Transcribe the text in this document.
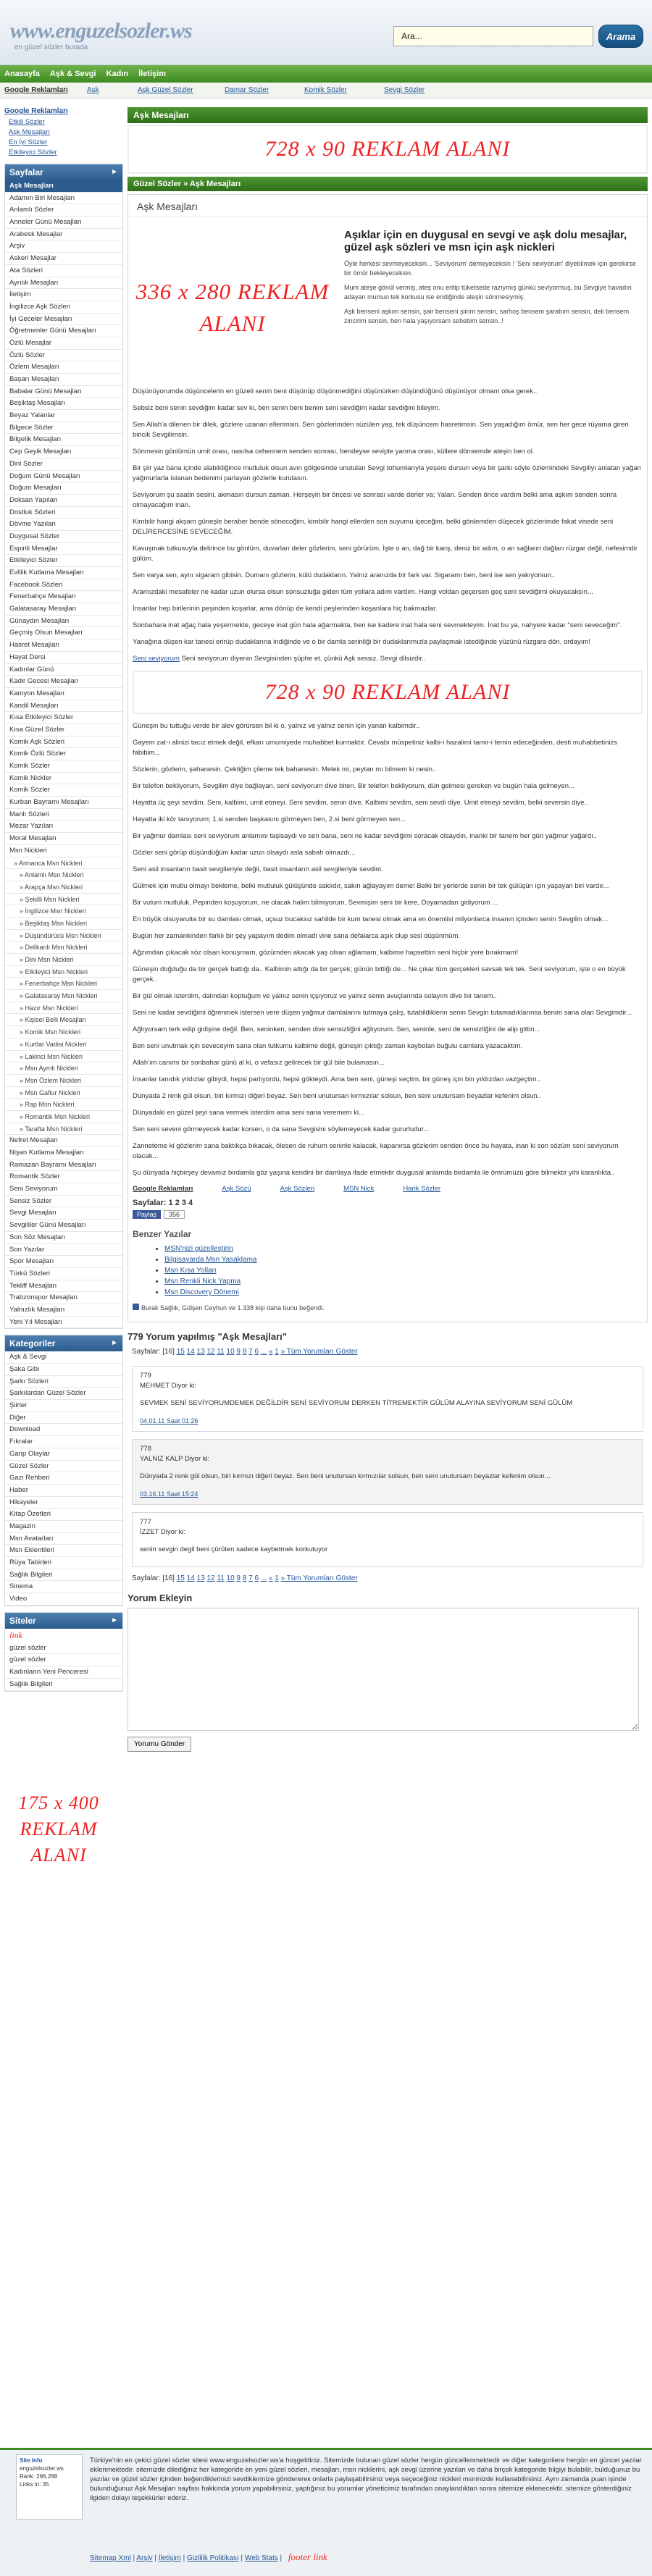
www.enguzelsozler.ws
en güzel sözler burada
Ara...
Arama
Anasayfa Aşk & Sevgi Kadın İletişim
Google Reklamları	Ask	Aşk Güzel Sözler	Damar Sözler	Komik Sözler	Sevgi Sözler
Google Reklamları
Etkili Sözler
Aşk Mesajları
En İyi Sözler
Etkileyici Sözler
Sayfalar	►
Aşk Mesajları
Adamın Biri Mesajları
Anlamlı Sözler
Anneler Günü Mesajları
Arabesk Mesajlar
Arşiv
Askeri Mesajlar
Ata Sözleri
Ayrılık Mesajları
İletişim
İngilizce Aşk Sözleri
İyi Geceler Mesajları
Öğretmenler Günü Mesajları
Özlü Mesajlar
Özlü Sözler
Özlem Mesajları
Başarı Mesajları
Babalar Günü Mesajları
Beşiktaş Mesajları
Beyaz Yalanlar
Bilgece Sözler
Bilgelik Mesajları
Cep Geyik Mesajları
Dini Sözler
Doğum Günü Mesajları
Doğum Mesajları
Doksan Yapılan
Dostluk Sözleri
Dövme Yazıları
Duygusal Sözler
Espirili Mesajlar
Etkileyici Sözler
Evlilik Kutlama Mesajları
Facebook Sözleri
Fenerbahçe Mesajları
Galatasaray Mesajları
Günaydın Mesajları
Geçmiş Olsun Mesajları
Hasret Mesajları
Hayat Dersi
Kadınlar Günü
Kadir Gecesi Mesajları
Kamyon Mesajları
Kandil Mesajları
Kısa Etkileyici Sözler
Kısa Güzel Sözler
Komik Aşk Sözleri
Komik Özlü Sözler
Komik Sözler
Komik Nickler
Komik Sözler
Kurban Bayramı Mesajları
Manlı Sözleri
Mezar Yazıları
Moral Mesajları
Msn Nickleri
» Armanca Msn Nickleri
» Anlamlı Msn Nickleri
» Arapça Msn Nickleri
» Şekilli Msn Nickleri
» İngilizce Msn Nickleri
» Beşiktaş Msn Nickleri
» Düşündürücü Msn Nickleri
» Delikanlı Msn Nickleri
» Dini Msn Nickleri
» Etkileyici Msn Nickleri
» Fenerbahçe Msn Nickleri
» Galatasaray Msn Nickleri
» Hazır Msn Nickleri
» Kişisel Belli Mesajları
» Komik Msn Nickleri
» Kurtlar Vadisi Nickleri
» Lakinci Msn Nickleri
» Msn Aymlı Nickleri
» Msn Özlem Nickleri
» Msn Gafiur Nickleri
» Rap Msn Nickleri
» Romantik Msn Nickleri
» Tarafta Msn Nickleri
Nefret Mesajları
Nişan Kutlama Mesajları
Ramazan Bayramı Mesajları
Romantik Sözler
Seni Seviyorum
Sensiz Sözler
Sevgi Mesajları
Sevgililer Günü Mesajları
Son Söz Mesajları
Son Yazılar
Spor Mesajları
Türkü Sözleri
Tekliff Mesajları
Trabzonspor Mesajları
Yalnızlık Mesajları
Yeni Yıl Mesajları
Kategoriler	►
Aşk & Sevgi
Şaka Gibi
Şarkı Sözleri
Şarkılardan Güzel Sözler
Şiirler
Diğer
Download
Fıkralar
Garip Olaylar
Güzel Sözler
Gazi Rehberi
Haber
Hikayeler
Kitap Özetleri
Magazin
Msn Avatarları
Msn Eklentileri
Rüya Tabirleri
Sağlık Bilgileri
Sinema
Video
Siteler	►
link
güzel sözler
güzel sözler
Kadınların Yeni Penceresi
Sağlık Bilgileri
175 x 400 REKLAM ALANI
Aşk Mesajları
728 x 90 REKLAM ALANI
Güzel Sözler » Aşk Mesajları
Aşk Mesajları
336 x 280 REKLAM ALANI
Aşıklar için en duygusal en sevgi ve aşk dolu mesajlar, güzel aşk sözleri ve msn için aşk nickleri
Öyle herkesi sevmeyeceksin... 'Seviyorum' demeyeceksin ! 'Seni seviyorum' diyebilmek için gerekirse bir ömür bekleyeceksin.
Mum ateşe gönül vermiş, ateş onu eritip tüketsede razıymış günkü seviyormuş, bu Sevgiye havadın adayan mumun tek korkusu ise endiğinde ateşin sönmesiymiş.
Aşk benseni aşkım sensin, şair benseni şiirim sensin, sarhoş bensem şarabım sensin, deli bensem zincirim sensin, ben hala yaşıyorsam sebebim sensin..!
Düşünüyorumda düşüncelerin en güzeli senin beni düşünüp düşünmediğini düşünürken düşündüğünü düşünüyor olmam olsa gerek..
Sebsiz beni senin sevdiğim kadar sev ki, ben senin beni benim seni sevdiğim kadar sevdiğini bileyim.
Sen Allah'a dilenen bir dilek, gözlere uzanan ellerimsin. Sen gözlerimden süzülen yaş, tek düşüncem hasretimsin. Sen yaşadığım ömür, sen her gece rüyama giren biricik Sevgilimsin.
Sönmesin gönlümün umit orası, nasılsa cehennem senden sonrası, bendeyse sevipte yanma orası, küllere dönsemde ateşin ben ol.
Bir şiir yaz bana içinde alabildiğince mutluluk olsun avın gölgesinde unutulan Sevgi tohumlarıyla yeşere dursun veya bir şarkı söyle özlemindeki Sevgiliyi anlatan yağan yağmurlarla islanan bedenimi parlayan gözlerle kurulasın.
Seviyorum şu saatin sesini, akmasın dursun zaman. Herşeyin bir öncesi ve sonrası varde derler va; Yalan. Senden önce vardım belki ama aşkım senden sonra olmayacağım inan.
Kimbilir hangi akşam güneşle beraber bende sönecoğim, kimbilir hangi ellerden son suyumu içeceğim, belki gönlemden düşecek gözlerimde fakat vinede seni DELİRERCESİNE SEVECEĞİM.
Kavuşmak tutkusuyla delirince bu gönlüm, duvarları deler gözlerim, seni görürüm. İşte o an, dağ bir kanş, deniz bir adım, o an sağların dağları rüzgar değil, nefesimdir gülüm.
Sen varya sen, aynı sigaram gibisin. Dumanı gözlerin, külü dudakların. Yalnız aranızda bir fark var. Sigaramı ben, beni ise sen yakıyorsun..
Aramızdaki mesafeler ne kadar uzun olursa olsun sonsuzluğa giden tüm yollara adım vardım. Hangi voldan geçersen geç seni sevdiğimi okuyacaksın...
İnsanlar hep birilerinin peşinden koşarlar, ama dönüp de kendi peşlerinden koşanlara hiç bakmazlar.
Sonbahara inat ağaç hala yeşermekte, geceye inat gün hala ağarmakta, ben ise kadere inat hala seni sevmekteyim. İnat bu ya, nahyere kadar "seni seveceğim".
Yanağına düşen kar tanesi erirüp dudaklarına indiğinde ve o bir damla serinliği bir dudaklarımızla paylaşmak istediğinde yüzünü rüzgara dön, ordayım!
Seni seviyorum Seni seviyorum diyenin Sevgisinden şüphe et, çünkü Aşk sessiz, Sevgi dilsizdir..
728 x 90 REKLAM ALANI
Güneşin bu tuttuğu verde bir alev görürsen bil ki o, yalnız ve yalnız senin için yanan kalbimdir..
Gayem zat-ı alinizi tacız etmek değil, efkarı umumiyede muhabbet kurmaktır. Cevabı müspetiniz kalbi-i hazalimi tamir-i temin edeceğinden, desti muhabbetinizs fabibim...
Sözlerin, gözlerin, şahanesin. Çektiğim çilemе tek bahanesin. Melek mi, peytan mı bilmem ki nesin..
Bir telefon bekliyorum, Sevgilim diye bağlayan, seni seviyorum dive biten. Bir telefon bekliyorum, dün gelmesi gereken ve bugün hala gelmeyen...
Hayatta üç şeyi sevdim. Seni, kalbimi, umit etmeyi. Seni sevdim, senin dive. Kalbimi sevdim, seni sevdi diye. Umit etmeyi sevdim, belki seversin diye..
Hayatta iki kör tanıyorum; 1.si senden başkasını görmeyen ben, 2.si beni görmeyen sen...
Bir yağmur damlası seni seviyorum anlamını taşisaydı ve sen bana, seni ne kadar sevdiğimi soracak olsaydın, inanki bir tanem her gün yağmur yağardı..
Gözler seni görüp düşündüğüm kadar uzun olsaydı asla sabah olmazdı...
Seni asil insanların basit sevgileriyle değil, basit insanların asil sevgileriyle sevdim.
Gülmek için mutlu olmayı bekleme, belki mutluluk gülüşünde saklıdır, sakın ağlayayım deme! Belki bir yerlerde senin bir tek gülüşün için yaşayan biri vardır...
Bir vutum mutluluk, Pepinden koşuyorum, ne olacak halim bilmiyorum, Sevmişim seni bir kere, Doyamadan gidiyorum ...
En büyük olsuyarulta bir su damlası olmak, uçsuz bucaksız sahilde bir kum tanesi olmak ama en önemlisi milyonlarca insanın içinden senin Sevgilin olmak...
Bugün her zamankinden farklı bir şey yapayım dedim olmadi vine sana defalarca aşık olup sesi düşünmüm.
Ağzımdan çıkacak söz olsan konuşmam, gözümden akacak yaş olsan ağlamam, kalbime hapsettim seni hiçbir yere bırakmam!
Güneşin doğduğu da bir gerçek battığı da.. Kalbimin attığı da bir gerçek; günün bittiği de... Ne çıkar tüm gerçekleri savsak tek tek. Seni seviyorum, işte o en büyük gerçek..
Bir gül olmak isterdim, dalından koptuğum ve yalnız senin içşıyoruz ve yalnız senin avuçlarında solayım dive bir tanem..
Seni ne kadar sevdiğimi öğrenmek istersen vere düşen yağmur damlalarını tutmaya çalış, tutabildiklerin senin Sevgin tutamadıklarınsa benim sana olan Sevgimdir...
Ağlıyorsam terk edip gidişine değil. Ben, seninken, senden dive sensizliğini ağlıyorum. Sen, seninle, seni de sensizliğini de alip gittin...
Ben seni unutmak için seveceyim sana olan tutkumu kalbime değil, güneşin çıktığı zaman kaybolan buğulu camlara yazacaktım.
Allah'ım canımı bir sonbahar günü al ki, o vefasız gelirecek bir gül bile bulamasın...
İnsanlar tanıdık yıldızlar gibiydi, hepsi parlıyordu, hepsi gökteydi. Ama ben seni, güneşi seçtim, bir güneş için bin yıldızdan vazgeçtim..
Dünyada 2 renk gül olsun, biri kırmızı diğeri beyaz. Sen beni unutursan kırmızılar solsun, ben seni unutursam beyazlar kefenim olsun..
Dünyadaki en güzel şeyi sana vermek isterdim ama seni sana veremem ki...
Sen seni seveni görmeyecek kadar korsen, o da sana Sevgisini söylemeyecek kadar gururludur...
Zanneteme ki gözlerim sana baktıkça bıkacak, ölesen de ruhum seninle kalacak, kapanırsa gözlerim senden önce bu hayata, inan ki son sözüm seni seviyorum olacak...
Şu dünyada hiçbirşey devamız birdamla göz yaşına kendini bir damlaya ifade etmektir duygusal anlamda birdamla ile ömrümüzü göre bilmektir yihi karanlıkta..
Google Reklamları	Aşk Sözü	Aşk Sözleri	MSN Nick	Harik Sözler
Sayfalar: 1 2 3 4
Paylaş	356
Benzer Yazılar
• MSN'nizi güzelleştirin
• Bilgisayarda Msn Yasaklama
• Msn Kısa Yolları
• Msn Renkli Nick Yapma
• Msn Discovery Dönemi
Burak Sağlık, Gülşen Ceyhun ve 1.338 kişi daha bunu beğendi.
779 Yorum yapılmış "Aşk Mesajları"
Sayfalar: [16] 15 14 13 12 11 10 9 8 7 6 ... « 1 » Tüm Yorumları Göster
779
MEHMET Diyor ki:
SEVMEK SENİ SEVİYORUMDEMEK DEĞİLDİR SENİ SEVİYORUM DERKEN TİTREMEKTİR GÜLÜM ALAYINA SEVİYORUM SENİ GÜLÜM
04.01.11 Saat 01:26
778
YALNIZ KALP Diyor ki:
Dünyada 2 renk gül olsun, biri kırmızı diğeri beyaz. Sen beni unutursan kırmızılar solsun, ben seni unutursam beyazlar kefenim olsun...
03.16.11 Saat 15:24
777
İZZET Diyor ki:
senin sevgin degil beni çürüten sadece kaybetmek korkutuyor
Sayfalar: [16] 15 14 13 12 11 10 9 8 7 6 ... « 1 » Tüm Yorumları Göster
Yorum Ekleyin
Yorumu Gönder
Site Info
enguzelsozler.ws
Rank: 296,288
Links in: 35
Türkiye'nin en çekici güzel sözler sitesi www.enguzelsozler.ws'a hoşgeldiniz. Sitemizde bulunan güzel sözler hergün güncellenmektedir ve diğer kategorilere hergün en güncel yazılar eklenmektedir. sitemizde dilediğiniz her kategoride en yeni güzel sözleri, mesajları, msn nicklerini, aşk sevgi üzerine yazıları ve daha birçok kategoride bilgiyi bulabilir, bulduğunuz bu yazılar ve güzel sözler içinden beğendiklerinizi sevdiklerinize gönderereк onlarla paylaşabilirsiniz veya seçeceğiniz nickleri msninizde kullanabilirsiniz. Aynı zamanda puan işinde bulunduğunuz Aşk Mesajları sayfası hakkında yorum yapabilirsiniz, yaptığınız bu yorumlar yöneticimiz tarafından onaylandıktan sonra sitemize eklenecektir. sitemize gösterdiğiniz ilgiden dolayı teşekkürler ederiz.
Sitemap Xml | Arşiv | İletişim | Gizlilik Politikası | Web Stats | footer link
